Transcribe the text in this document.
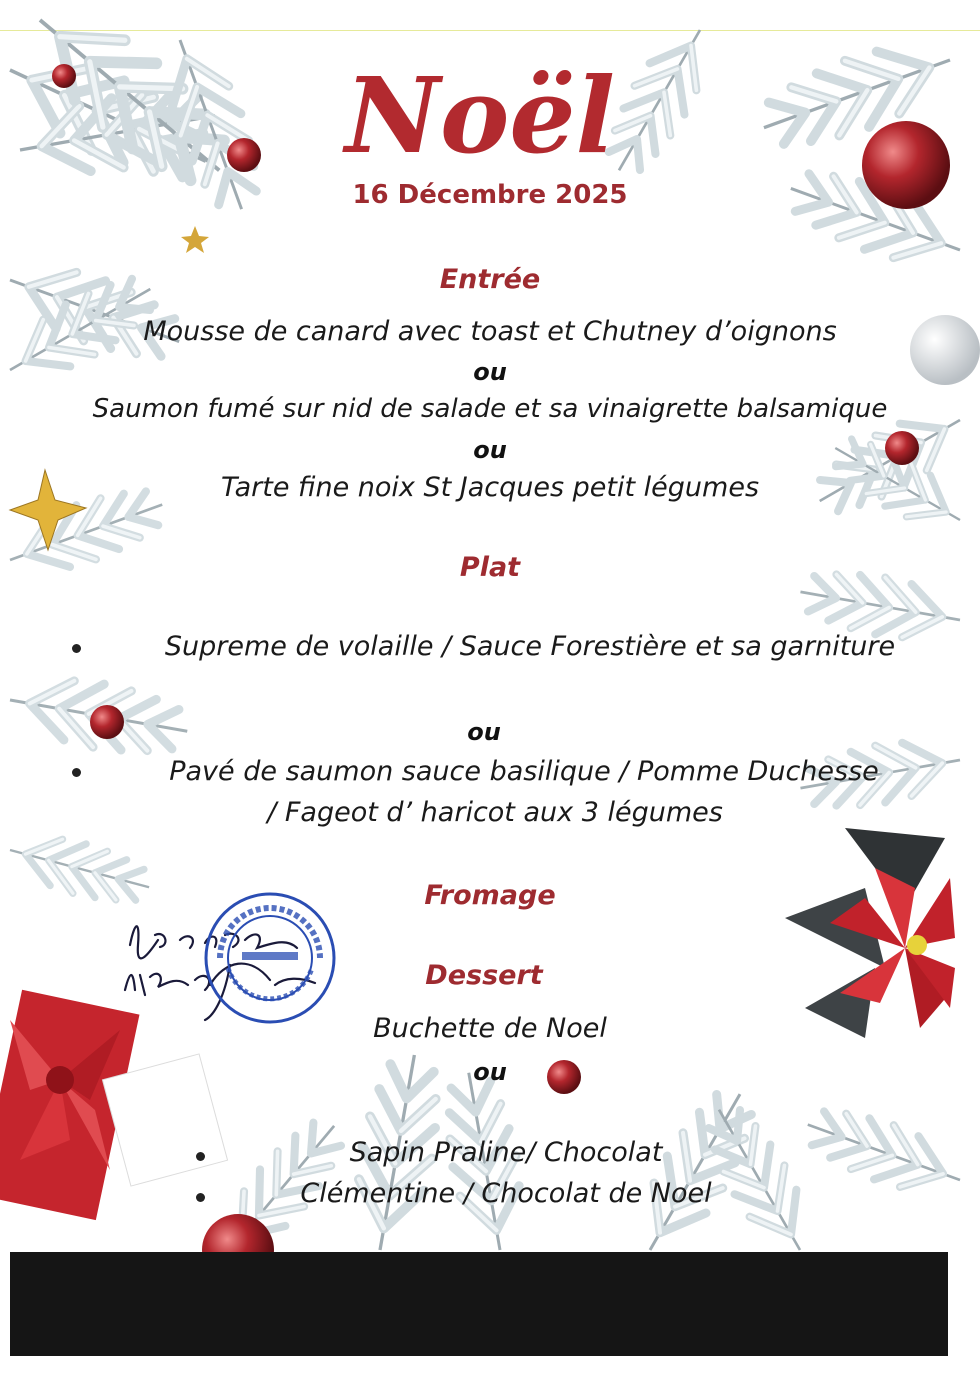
Noël
16 Décembre 2025
Entrée
Mousse de canard avec toast et Chutney d’oignons
ou
Saumon fumé sur nid de salade et sa vinaigrette balsamique
ou
Tarte fine noix St Jacques petit légumes
Plat
Supreme de volaille / Sauce Forestière et sa garniture
ou
Pavé de saumon sauce basilique / Pomme Duchesse
/ Fageot d’ haricot aux 3 légumes
Fromage
Dessert
Buchette de Noel
ou
Sapin Praline/ Chocolat
Clémentine / Chocolat de Noel
